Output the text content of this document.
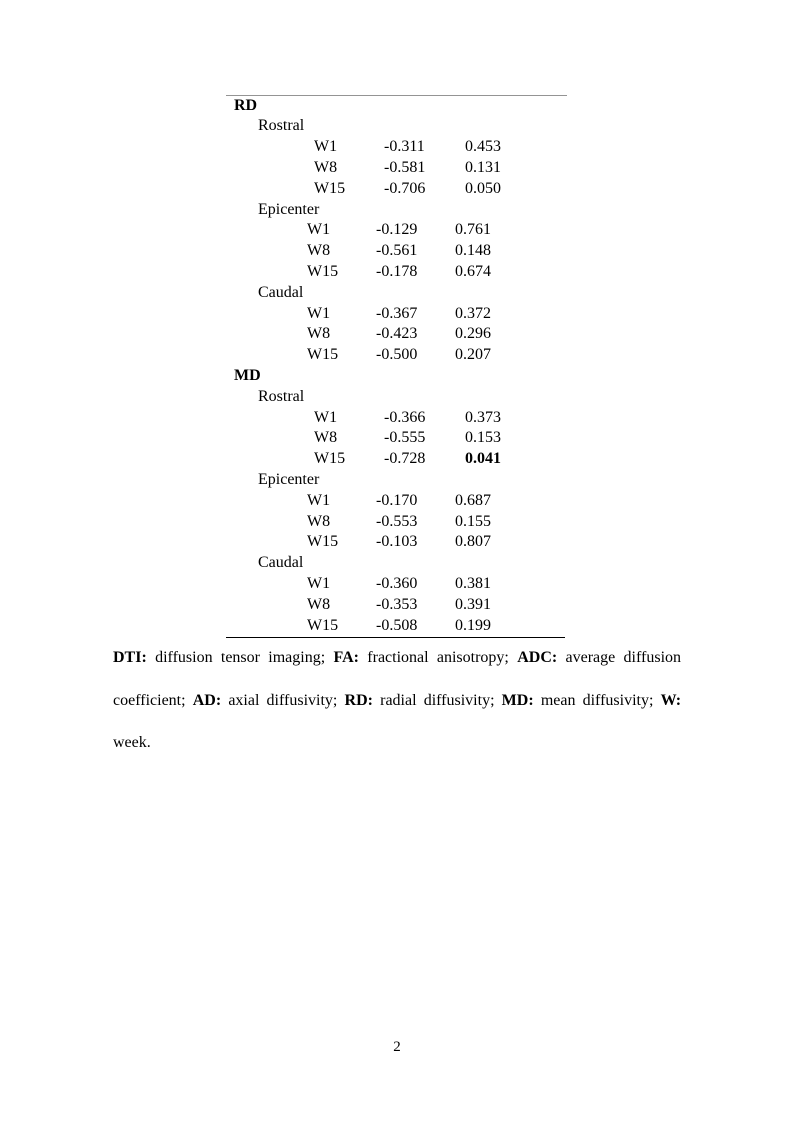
RD
Rostral
W1	-0.311	0.453
W8	-0.581 0.131
W15 -0.706 0.050
Epicenter
W1	-0.129 0.761
W8	-0.561 0.148
W15 -0.178 0.674
Caudal
W1	-0.367 0.372
W8	-0.423 0.296
W15 -0.500 0.207
MD
Rostral
W1	-0.366 0.373
W8	-0.555 0.153
W15 -0.728 0.041
Epicenter
W1	-0.170 0.687
W8	-0.553 0.155
W15 -0.103 0.807
Caudal
W1	-0.360 0.381
W8	-0.353 0.391
W15 -0.508 0.199
DTI: diffusion tensor imaging; FA: fractional anisotropy; ADC: average diffusion
coefficient; AD: axial diffusivity; RD: radial diffusivity; MD: mean diffusivity; W:
week.
2
